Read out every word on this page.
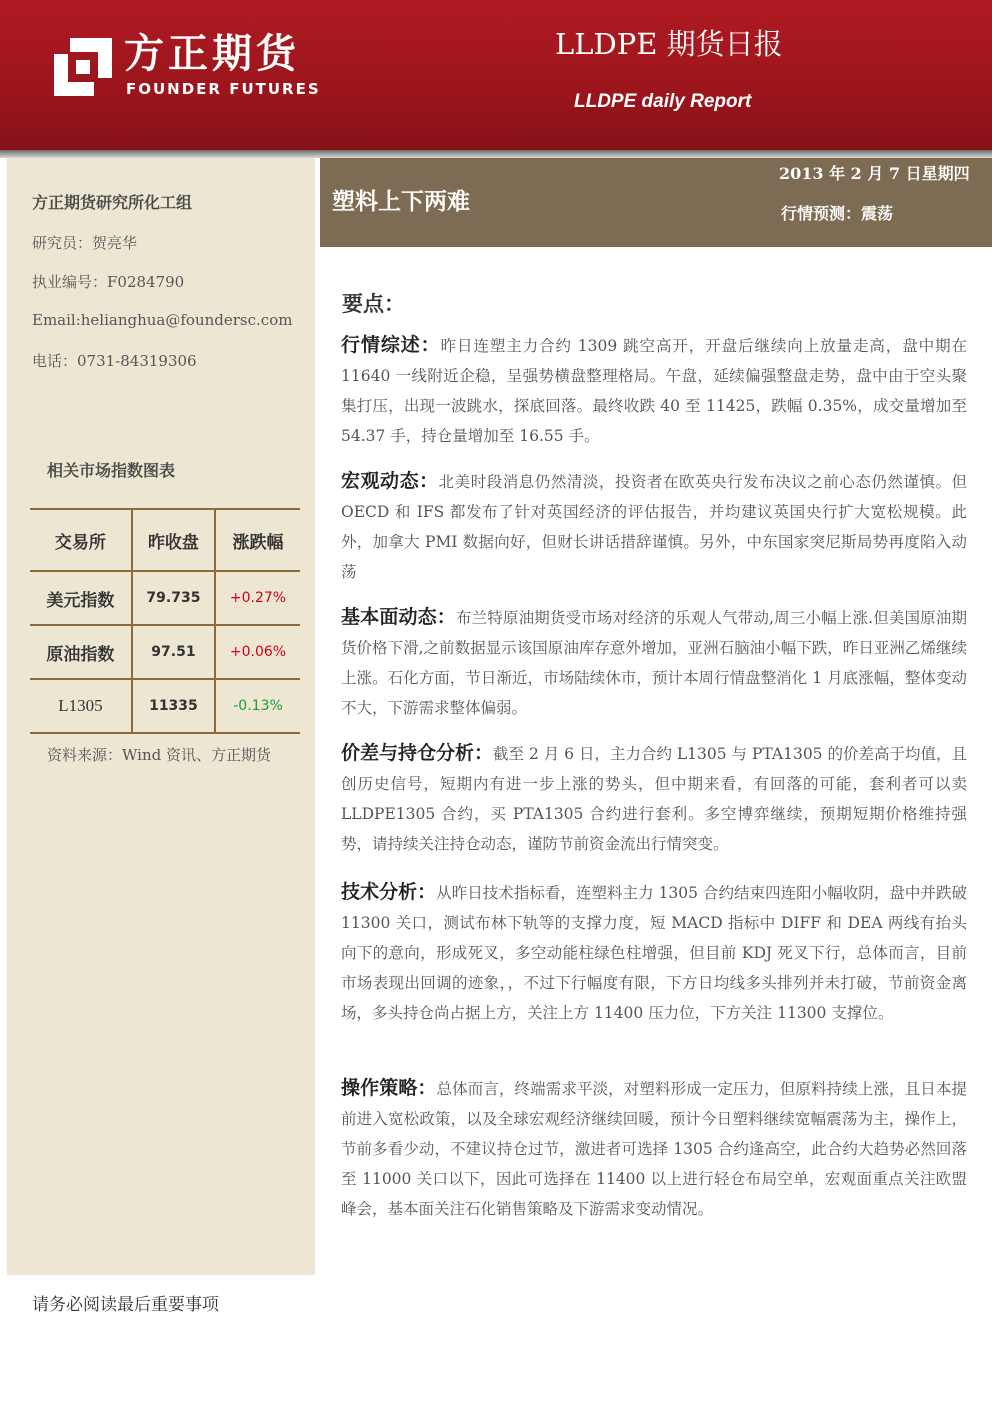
方正期货
FOUNDER FUTURES
LLDPE 期货日报
LLDPE daily Report
方正期货研究所化工组
研究员：贺亮华
执业编号：F0284790
Email:helianghua@foundersc.com
电话：0731-84319306
相关市场指数图表
交易所	昨收盘	涨跌幅
美元指数	79.735	+0.27%
原油指数	97.51	+0.06%
L1305	11335	-0.13%
资料来源：Wind 资讯、方正期货
请务必阅读最后重要事项
塑料上下两难
2013 年 2 月 7 日星期四
行情预测：震荡
要点：

行情综述：昨日连塑主力合约 1309 跳空高开，开盘后继续向上放量走高，盘中期在 11640 一线附近企稳，呈强势横盘整理格局。午盘，延续偏强整盘走势，盘中由于空头聚集打压，出现一波跳水，探底回落。最终收跌 40 至 11425，跌幅 0.35%，成交量增加至 54.37 手，持仓量增加至 16.55 手。

宏观动态：北美时段消息仍然清淡，投资者在欧英央行发布决议之前心态仍然谨慎。但 OECD 和 IFS 都发布了针对英国经济的评估报告，并均建议英国央行扩大宽松规模。此外，加拿大 PMI 数据向好，但财长讲话措辞谨慎。另外，中东国家突尼斯局势再度陷入动荡

基本面动态：布兰特原油期货受市场对经济的乐观人气带动,周三小幅上涨.但美国原油期货价格下滑,之前数据显示该国原油库存意外增加，亚洲石脑油小幅下跌，昨日亚洲乙烯继续上涨。石化方面，节日渐近，市场陆续休市，预计本周行情盘整消化 1 月底涨幅，整体变动不大，下游需求整体偏弱。

价差与持仓分析：截至 2 月 6 日，主力合约 L1305 与 PTA1305 的价差高于均值，且创历史信号，短期内有进一步上涨的势头，但中期来看，有回落的可能，套利者可以卖 LLDPE1305 合约，买 PTA1305 合约进行套利。多空博弈继续，预期短期价格维持强势，请持续关注持仓动态，谨防节前资金流出行情突变。

技术分析：从昨日技术指标看，连塑料主力 1305 合约结束四连阳小幅收阴，盘中并跌破 11300 关口，测试布林下轨等的支撑力度，短 MACD 指标中 DIFF 和 DEA 两线有抬头向下的意向，形成死叉，多空动能柱绿色柱增强，但目前 KDJ 死叉下行，总体而言，目前市场表现出回调的迹象，，不过下行幅度有限，下方日均线多头排列并未打破，节前资金离场，多头持仓尚占据上方，关注上方 11400 压力位，下方关注 11300 支撑位。

操作策略：总体而言，终端需求平淡，对塑料形成一定压力，但原料持续上涨，且日本提前进入宽松政策，以及全球宏观经济继续回暖，预计今日塑料继续宽幅震荡为主，操作上，节前多看少动，不建议持仓过节，激进者可选择 1305 合约逢高空，此合约大趋势必然回落至 11000 关口以下，因此可选择在 11400 以上进行轻仓布局空单，宏观面重点关注欧盟峰会，基本面关注石化销售策略及下游需求变动情况。
